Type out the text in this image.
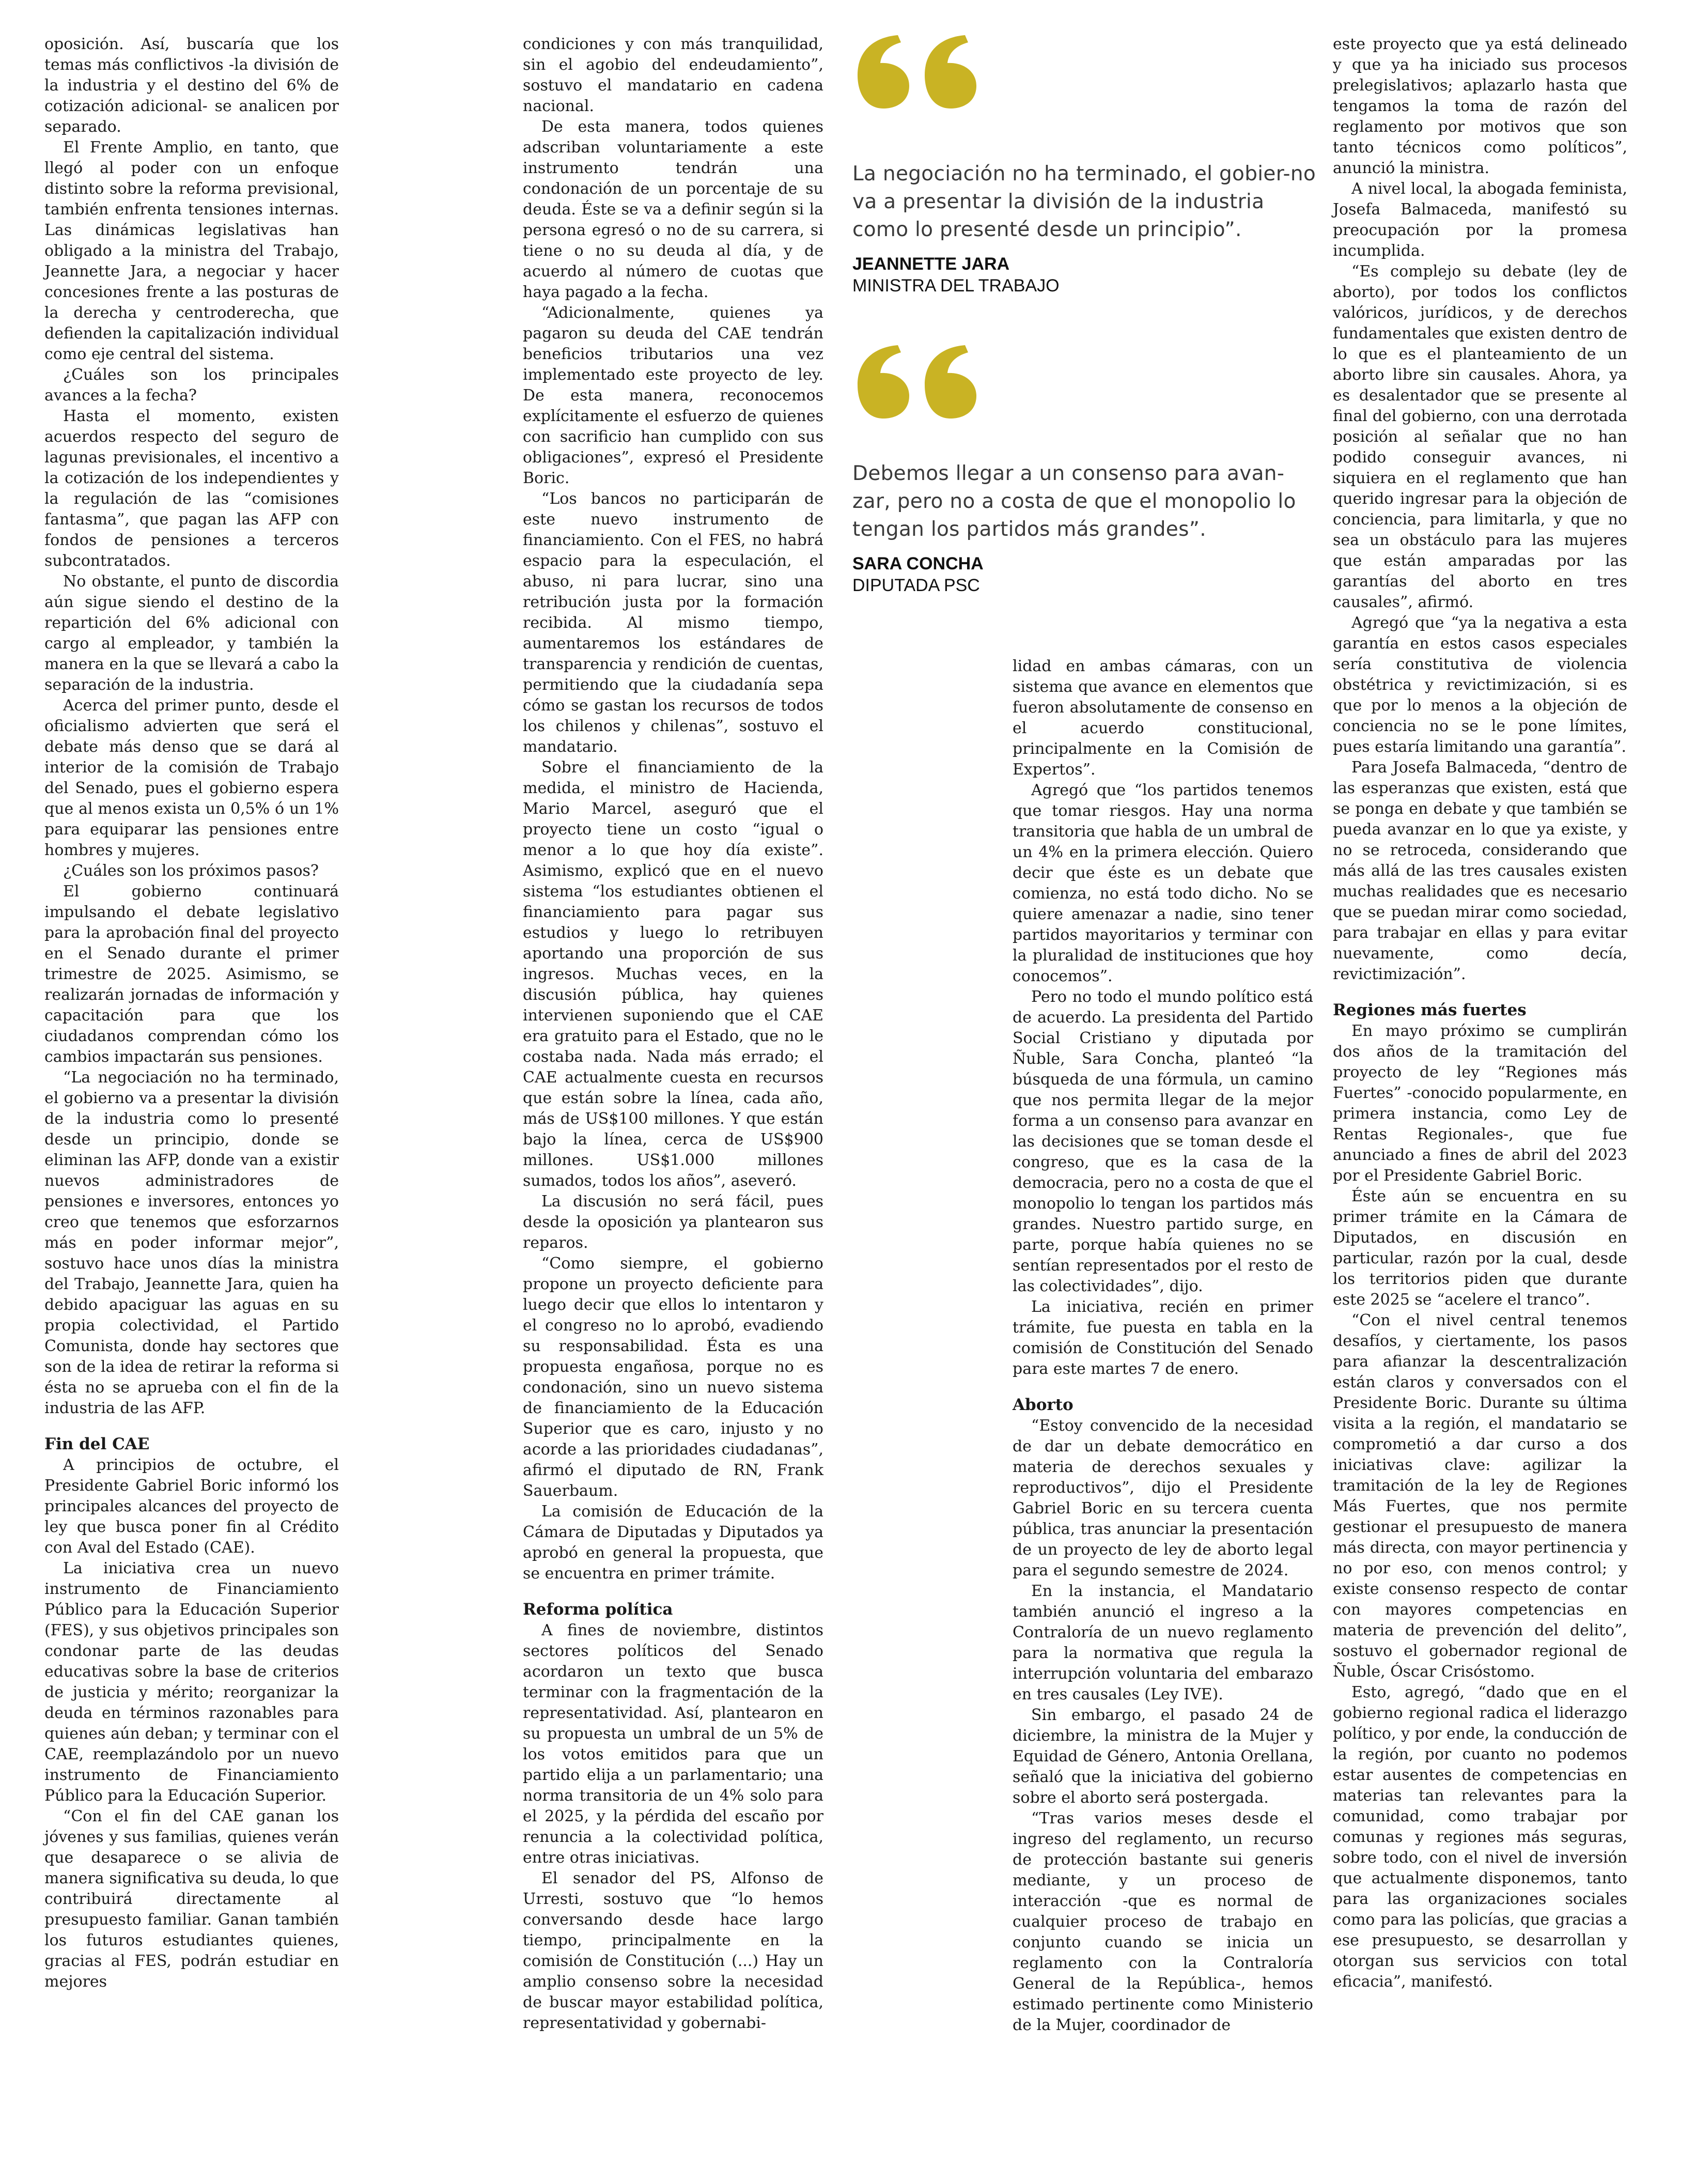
oposición. Así, buscaría que los temas más conflictivos -la división de la industria y el destino del 6% de cotización adicional- se analicen por separado.

El Frente Amplio, en tanto, que llegó al poder con un enfoque distinto sobre la reforma previsional, también enfrenta tensiones internas. Las dinámicas legislativas han obligado a la ministra del Trabajo, Jeannette Jara, a negociar y hacer concesiones frente a las posturas de la derecha y centroderecha, que defienden la capitalización individual como eje central del sistema.

¿Cuáles son los principales avances a la fecha?

Hasta el momento, existen acuerdos respecto del seguro de lagunas previsionales, el incentivo a la cotización de los independientes y la regulación de las “comisiones fantasma”, que pagan las AFP con fondos de pensiones a terceros subcontratados.

No obstante, el punto de discordia aún sigue siendo el destino de la repartición del 6% adicional con cargo al empleador, y también la manera en la que se llevará a cabo la separación de la industria.

Acerca del primer punto, desde el oficialismo advierten que será el debate más denso que se dará al interior de la comisión de Trabajo del Senado, pues el gobierno espera que al menos exista un 0,5% ó un 1% para equiparar las pensiones entre hombres y mujeres.

¿Cuáles son los próximos pasos?

El gobierno continuará impulsando el debate legislativo para la aprobación final del proyecto en el Senado durante el primer trimestre de 2025. Asimismo, se realizarán jornadas de información y capacitación para que los ciudadanos comprendan cómo los cambios impactarán sus pensiones.

“La negociación no ha terminado, el gobierno va a presentar la división de la industria como lo presenté desde un principio, donde se eliminan las AFP, donde van a existir nuevos administradores de pensiones e inversores, entonces yo creo que tenemos que esforzarnos más en poder informar mejor”, sostuvo hace unos días la ministra del Trabajo, Jeannette Jara, quien ha debido apaciguar las aguas en su propia colectividad, el Partido Comunista, donde hay sectores que son de la idea de retirar la reforma si ésta no se aprueba con el fin de la industria de las AFP.

Fin del CAE

A principios de octubre, el Presidente Gabriel Boric informó los principales alcances del proyecto de ley que busca poner fin al Crédito con Aval del Estado (CAE).

La iniciativa crea un nuevo instrumento de Financiamiento Público para la Educación Superior (FES), y sus objetivos principales son condonar parte de las deudas educativas sobre la base de criterios de justicia y mérito; reorganizar la deuda en términos razonables para quienes aún deban; y terminar con el CAE, reemplazándolo por un nuevo instrumento de Financiamiento Público para la Educación Superior.

“Con el fin del CAE ganan los jóvenes y sus familias, quienes verán que desaparece o se alivia de manera significativa su deuda, lo que contribuirá directamente al presupuesto familiar. Ganan también los futuros estudiantes quienes, gracias al FES, podrán estudiar en mejores

condiciones y con más tranquilidad, sin el agobio del endeudamiento”, sostuvo el mandatario en cadena nacional.

De esta manera, todos quienes adscriban voluntariamente a este instrumento tendrán una condonación de un porcentaje de su deuda. Éste se va a definir según si la persona egresó o no de su carrera, si tiene o no su deuda al día, y de acuerdo al número de cuotas que haya pagado a la fecha.

“Adicionalmente, quienes ya pagaron su deuda del CAE tendrán beneficios tributarios una vez implementado este proyecto de ley. De esta manera, reconocemos explícitamente el esfuerzo de quienes con sacrificio han cumplido con sus obligaciones”, expresó el Presidente Boric.

“Los bancos no participarán de este nuevo instrumento de financiamiento. Con el FES, no habrá espacio para la especulación, el abuso, ni para lucrar, sino una retribución justa por la formación recibida. Al mismo tiempo, aumentaremos los estándares de transparencia y rendición de cuentas, permitiendo que la ciudadanía sepa cómo se gastan los recursos de todos los chilenos y chilenas”, sostuvo el mandatario.

Sobre el financiamiento de la medida, el ministro de Hacienda, Mario Marcel, aseguró que el proyecto tiene un costo “igual o menor a lo que hoy día existe”. Asimismo, explicó que en el nuevo sistema “los estudiantes obtienen el financiamiento para pagar sus estudios y luego lo retribuyen aportando una proporción de sus ingresos. Muchas veces, en la discusión pública, hay quienes intervienen suponiendo que el CAE era gratuito para el Estado, que no le costaba nada. Nada más errado; el CAE actualmente cuesta en recursos que están sobre la línea, cada año, más de US$100 millones. Y que están bajo la línea, cerca de US$900 millones. US$1.000 millones sumados, todos los años”, aseveró.

La discusión no será fácil, pues desde la oposición ya plantearon sus reparos.

“Como siempre, el gobierno propone un proyecto deficiente para luego decir que ellos lo intentaron y el congreso no lo aprobó, evadiendo su responsabilidad. Ésta es una propuesta engañosa, porque no es condonación, sino un nuevo sistema de financiamiento de la Educación Superior que es caro, injusto y no acorde a las prioridades ciudadanas”, afirmó el diputado de RN, Frank Sauerbaum.

La comisión de Educación de la Cámara de Diputadas y Diputados ya aprobó en general la propuesta, que se encuentra en primer trámite.

Reforma política

A fines de noviembre, distintos sectores políticos del Senado acordaron un texto que busca terminar con la fragmentación de la representatividad. Así, plantearon en su propuesta un umbral de un 5% de los votos emitidos para que un partido elija a un parlamentario; una norma transitoria de un 4% solo para el 2025, y la pérdida del escaño por renuncia a la colectividad política, entre otras iniciativas.

El senador del PS, Alfonso de Urresti, sostuvo que “lo hemos conversando desde hace largo tiempo, principalmente en la comisión de Constitución (...) Hay un amplio consenso sobre la necesidad de buscar mayor estabilidad política, representatividad y gobernabi-

La negociación no ha terminado, el gobier-no va a presentar la división de la industria como lo presenté desde un principio”.

JEANNETTE JARA

MINISTRA DEL TRABAJO

Debemos llegar a un consenso para avan-zar, pero no a costa de que el monopolio lo tengan los partidos más grandes”.

SARA CONCHA

DIPUTADA PSC

lidad en ambas cámaras, con un sistema que avance en elementos que fueron absolutamente de consenso en el acuerdo constitucional, principalmente en la Comisión de Expertos”.

Agregó que “los partidos tenemos que tomar riesgos. Hay una norma transitoria que habla de un umbral de un 4% en la primera elección. Quiero decir que éste es un debate que comienza, no está todo dicho. No se quiere amenazar a nadie, sino tener partidos mayoritarios y terminar con la pluralidad de instituciones que hoy conocemos”.

Pero no todo el mundo político está de acuerdo. La presidenta del Partido Social Cristiano y diputada por Ñuble, Sara Concha, planteó “la búsqueda de una fórmula, un camino que nos permita llegar de la mejor forma a un consenso para avanzar en las decisiones que se toman desde el congreso, que es la casa de la democracia, pero no a costa de que el monopolio lo tengan los partidos más grandes. Nuestro partido surge, en parte, porque había quienes no se sentían representados por el resto de las colectividades”, dijo.

La iniciativa, recién en primer trámite, fue puesta en tabla en la comisión de Constitución del Senado para este martes 7 de enero.

Aborto

“Estoy convencido de la necesidad de dar un debate democrático en materia de derechos sexuales y reproductivos”, dijo el Presidente Gabriel Boric en su tercera cuenta pública, tras anunciar la presentación de un proyecto de ley de aborto legal para el segundo semestre de 2024.

En la instancia, el Mandatario también anunció el ingreso a la Contraloría de un nuevo reglamento para la normativa que regula la interrupción voluntaria del embarazo en tres causales (Ley IVE).

Sin embargo, el pasado 24 de diciembre, la ministra de la Mujer y Equidad de Género, Antonia Orellana, señaló que la iniciativa del gobierno sobre el aborto será postergada.

“Tras varios meses desde el ingreso del reglamento, un recurso de protección bastante sui generis mediante, y un proceso de interacción -que es normal de cualquier proceso de trabajo en conjunto cuando se inicia un reglamento con la Contraloría General de la República-, hemos estimado pertinente como Ministerio de la Mujer, coordinador de

este proyecto que ya está delineado y que ya ha iniciado sus procesos prelegislativos; aplazarlo hasta que tengamos la toma de razón del reglamento por motivos que son tanto técnicos como políticos”, anunció la ministra.

A nivel local, la abogada feminista, Josefa Balmaceda, manifestó su preocupación por la promesa incumplida.

“Es complejo su debate (ley de aborto), por todos los conflictos valóricos, jurídicos, y de derechos fundamentales que existen dentro de lo que es el planteamiento de un aborto libre sin causales. Ahora, ya es desalentador que se presente al final del gobierno, con una derrotada posición al señalar que no han podido conseguir avances, ni siquiera en el reglamento que han querido ingresar para la objeción de conciencia, para limitarla, y que no sea un obstáculo para las mujeres que están amparadas por las garantías del aborto en tres causales”, afirmó.

Agregó que “ya la negativa a esta garantía en estos casos especiales sería constitutiva de violencia obstétrica y revictimización, si es que por lo menos a la objeción de conciencia no se le pone límites, pues estaría limitando una garantía”.

Para Josefa Balmaceda, “dentro de las esperanzas que existen, está que se ponga en debate y que también se pueda avanzar en lo que ya existe, y no se retroceda, considerando que más allá de las tres causales existen muchas realidades que es necesario que se puedan mirar como sociedad, para trabajar en ellas y para evitar nuevamente, como decía, revictimización”.

Regiones más fuertes

En mayo próximo se cumplirán dos años de la tramitación del proyecto de ley “Regiones más Fuertes” -conocido popularmente, en primera instancia, como Ley de Rentas Regionales-, que fue anunciado a fines de abril del 2023 por el Presidente Gabriel Boric.

Éste aún se encuentra en su primer trámite en la Cámara de Diputados, en discusión en particular, razón por la cual, desde los territorios piden que durante este 2025 se “acelere el tranco”.

“Con el nivel central tenemos desafíos, y ciertamente, los pasos para afianzar la descentralización están claros y conversados con el Presidente Boric. Durante su última visita a la región, el mandatario se comprometió a dar curso a dos iniciativas clave: agilizar la tramitación de la ley de Regiones Más Fuertes, que nos permite gestionar el presupuesto de manera más directa, con mayor pertinencia y no por eso, con menos control; y existe consenso respecto de contar con mayores competencias en materia de prevención del delito”, sostuvo el gobernador regional de Ñuble, Óscar Crisóstomo.

Esto, agregó, “dado que en el gobierno regional radica el liderazgo político, y por ende, la conducción de la región, por cuanto no podemos estar ausentes de competencias en materias tan relevantes para la comunidad, como trabajar por comunas y regiones más seguras, sobre todo, con el nivel de inversión que actualmente disponemos, tanto para las organizaciones sociales como para las policías, que gracias a ese presupuesto, se desarrollan y otorgan sus servicios con total eficacia”, manifestó.
